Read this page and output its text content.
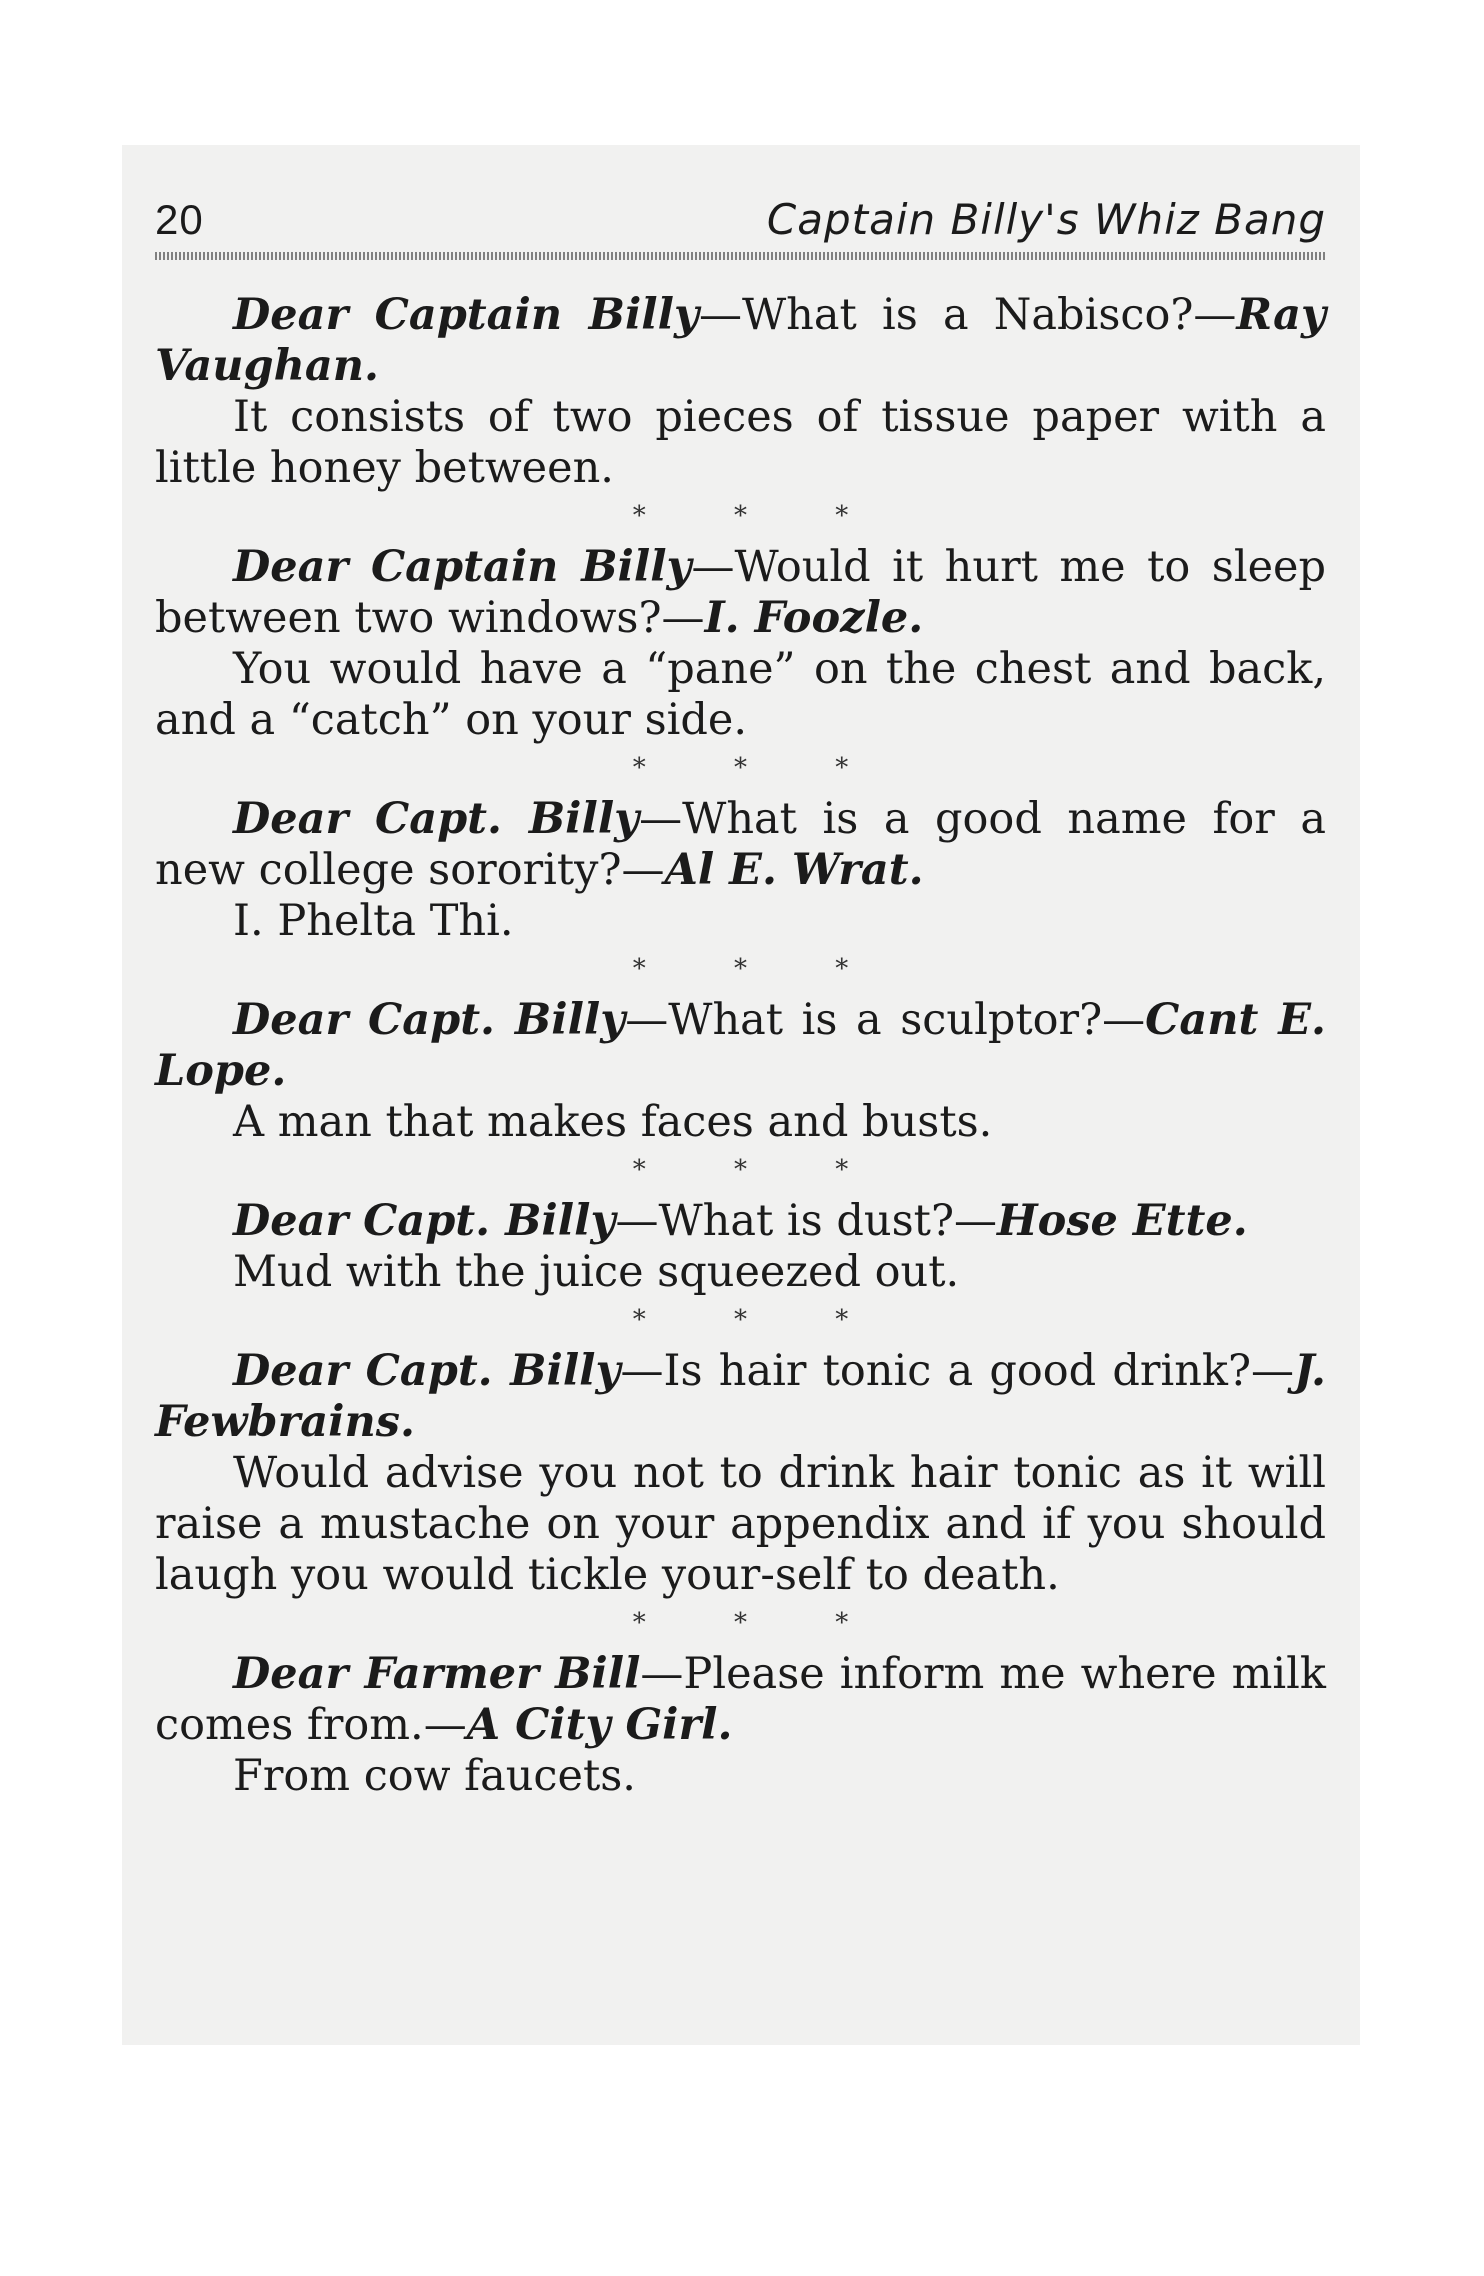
20	Captain Billy's Whiz Bang

Dear Captain Billy—What is a Nabisco?—Ray Vaughan.

It consists of two pieces of tissue paper with a little honey between.

* * *

Dear Captain Billy—Would it hurt me to sleep between two windows?—I. Foozle.

You would have a “pane” on the chest and back, and a “catch” on your side.

* * *

Dear Capt. Billy—What is a good name for a new college sorority?—Al E. Wrat.

I. Phelta Thi.

* * *

Dear Capt. Billy—What is a sculptor?—Cant E. Lope.

A man that makes faces and busts.

* * *

Dear Capt. Billy—What is dust?—Hose Ette.

Mud with the juice squeezed out.

* * *

Dear Capt. Billy—Is hair tonic a good drink?—J. Fewbrains.

Would advise you not to drink hair tonic as it will raise a mustache on your appendix and if you should laugh you would tickle your-self to death.

* * *

Dear Farmer Bill—Please inform me where milk comes from.—A City Girl.

From cow faucets.
